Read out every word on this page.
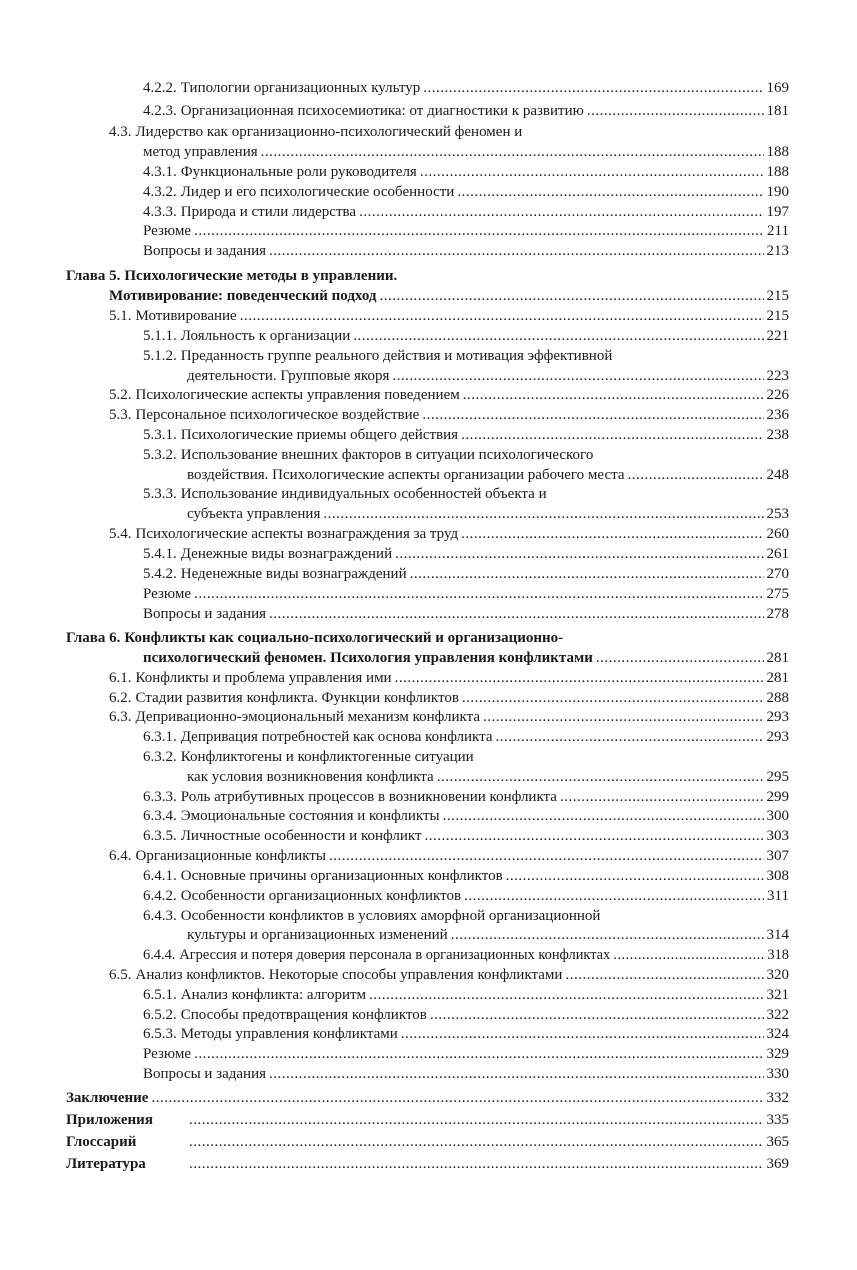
4.2.2. Типологии организационных культур .....	169
4.2.3. Организационная психосемиотика: от диагностики к развитию .....	181
4.3. Лидерство как организационно-психологический феномен и
метод управления .....	188
4.3.1. Функциональные роли руководителя .....	188
4.3.2. Лидер и его психологические особенности .....	190
4.3.3. Природа и стили лидерства .....	197
Резюме .....	211
Вопросы и задания .....	213
Глава 5. Психологические методы в управлении.
Мотивирование: поведенческий подход .....	215
5.1. Мотивирование .....	215
5.1.1. Лояльность к организации .....	221
5.1.2. Преданность группе реального действия и мотивация эффективной
деятельности. Групповые якоря .....	223
5.2. Психологические аспекты управления поведением .....	226
5.3. Персональное психологическое воздействие .....	236
5.3.1. Психологические приемы общего действия .....	238
5.3.2. Использование внешних факторов в ситуации психологического
воздействия. Психологические аспекты организации рабочего места .....	248
5.3.3. Использование индивидуальных особенностей объекта и
субъекта управления .....	253
5.4. Психологические аспекты вознаграждения за труд .....	260
5.4.1. Денежные виды вознаграждений .....	261
5.4.2. Неденежные виды вознаграждений .....	270
Резюме .....	275
Вопросы и задания .....	278
Глава 6. Конфликты как социально-психологический и организационно-
психологический феномен. Психология управления конфликтами .....	281
6.1. Конфликты и проблема управления ими .....	281
6.2. Стадии развития конфликта. Функции конфликтов .....	288
6.3. Депривационно-эмоциональный механизм конфликта .....	293
6.3.1. Депривация потребностей как основа конфликта .....	293
6.3.2. Конфликтогены и конфликтогенные ситуации
как условия возникновения конфликта .....	295
6.3.3. Роль атрибутивных процессов в возникновении конфликта .....	299
6.3.4. Эмоциональные состояния и конфликты .....	300
6.3.5. Личностные особенности и конфликт .....	303
6.4. Организационные конфликты .....	307
6.4.1. Основные причины организационных конфликтов .....	308
6.4.2. Особенности организационных конфликтов .....	311
6.4.3. Особенности конфликтов в условиях аморфной организационной
культуры и организационных изменений .....	314
6.4.4. Агрессия и потеря доверия персонала в организационных конфликтах .....	318
6.5. Анализ конфликтов. Некоторые способы управления конфликтами .....	320
6.5.1. Анализ конфликта: алгоритм .....	321
6.5.2. Способы предотвращения конфликтов .....	322
6.5.3. Методы управления конфликтами .....	324
Резюме .....	329
Вопросы и задания .....	330
Заключение .....	332
Приложения .....	335
Глоссарий .....	365
Литература .....	369
